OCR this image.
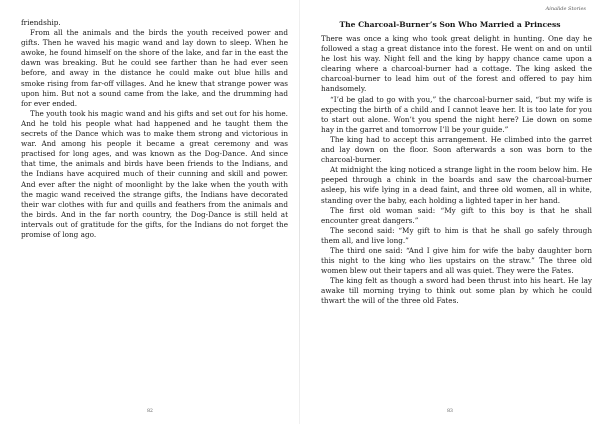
friendship.

From all the animals and the birds the youth received power and gifts. Then he waved his magic wand and lay down to sleep. When he awoke, he found himself on the shore of the lake, and far in the east the dawn was breaking. But he could see farther than he had ever seen before, and away in the distance he could make out blue hills and smoke rising from far-off villages. And he knew that strange power was upon him. But not a sound came from the lake, and the drumming had for ever ended.

The youth took his magic wand and his gifts and set out for his home. And he told his people what had happened and he taught them the secrets of the Dance which was to make them strong and victorious in war. And among his people it became a great ceremony and was practised for long ages, and was known as the Dog-Dance. And since that time, the animals and birds have been friends to the Indians, and the Indians have acquired much of their cunning and skill and power. And ever after the night of moonlight by the lake when the youth with the magic wand received the strange gifts, the Indians have decorated their war clothes with fur and quills and feathers from the animals and the birds. And in the far north country, the Dog-Dance is still held at intervals out of gratitude for the gifts, for the Indians do not forget the promise of long ago.

82
Ainalide Stories
The Charcoal-Burner’s Son Who Married a Princess

There was once a king who took great delight in hunting. One day he followed a stag a great distance into the forest. He went on and on until he lost his way. Night fell and the king by happy chance came upon a clearing where a charcoal-burner had a cottage. The king asked the charcoal-burner to lead him out of the forest and offered to pay him handsomely.

“I’d be glad to go with you,” the charcoal-burner said, “but my wife is expecting the birth of a child and I cannot leave her. It is too late for you to start out alone. Won’t you spend the night here? Lie down on some hay in the garret and tomorrow I’ll be your guide.”

The king had to accept this arrangement. He climbed into the garret and lay down on the floor. Soon afterwards a son was born to the charcoal-burner.

At midnight the king noticed a strange light in the room below him. He peeped through a chink in the boards and saw the charcoal-burner asleep, his wife lying in a dead faint, and three old women, all in white, standing over the baby, each holding a lighted taper in her hand.

The first old woman said: “My gift to this boy is that he shall encounter great dangers.”

The second said: “My gift to him is that he shall go safely through them all, and live long.”

The third one said: “And I give him for wife the baby daughter born this night to the king who lies upstairs on the straw.” The three old women blew out their tapers and all was quiet. They were the Fates.

The king felt as though a sword had been thrust into his heart. He lay awake till morning trying to think out some plan by which he could thwart the will of the three old Fates.

83
